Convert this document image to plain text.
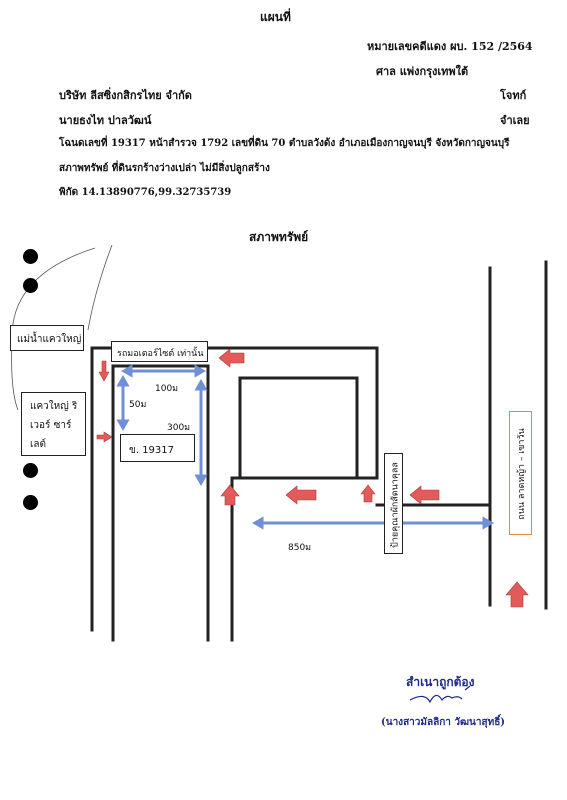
แผนที่
หมายเลขคดีแดง ผบ. 152 /2564
ศาล แพ่งกรุงเทพใต้
บริษัท ลีสซิ่งกสิกรไทย จำกัด	โจทก์
นายธงไท ปาลวัฒน์	จำเลย
โฉนดเลขที่ 19317 หน้าสำรวจ 1792 เลขที่ดิน 70 ตำบลวังด้ง อำเภอเมืองกาญจนบุรี จังหวัดกาญจนบุรี
สภาพทรัพย์ ที่ดินรกร้างว่างเปล่า ไม่มีสิ่งปลูกสร้าง
พิกัด 14.13890776,99.32735739
สภาพทรัพย์
แม่น้ำแควใหญ่
แควใหญ่ ริ
เวอร์ ซาร์
เลต์
รถมอเตอร์ไซต์ เท่านั้น
100ม
50ม
300ม
ข. 19317
850ม
ป้ายคุณาผักสัดนาคุลล	ถนน ลาดหญ้า – เขาวัน
สำเนาถูกต้อง
(นางสาวมัลลิกา วัฒนาสุทธิ์)
